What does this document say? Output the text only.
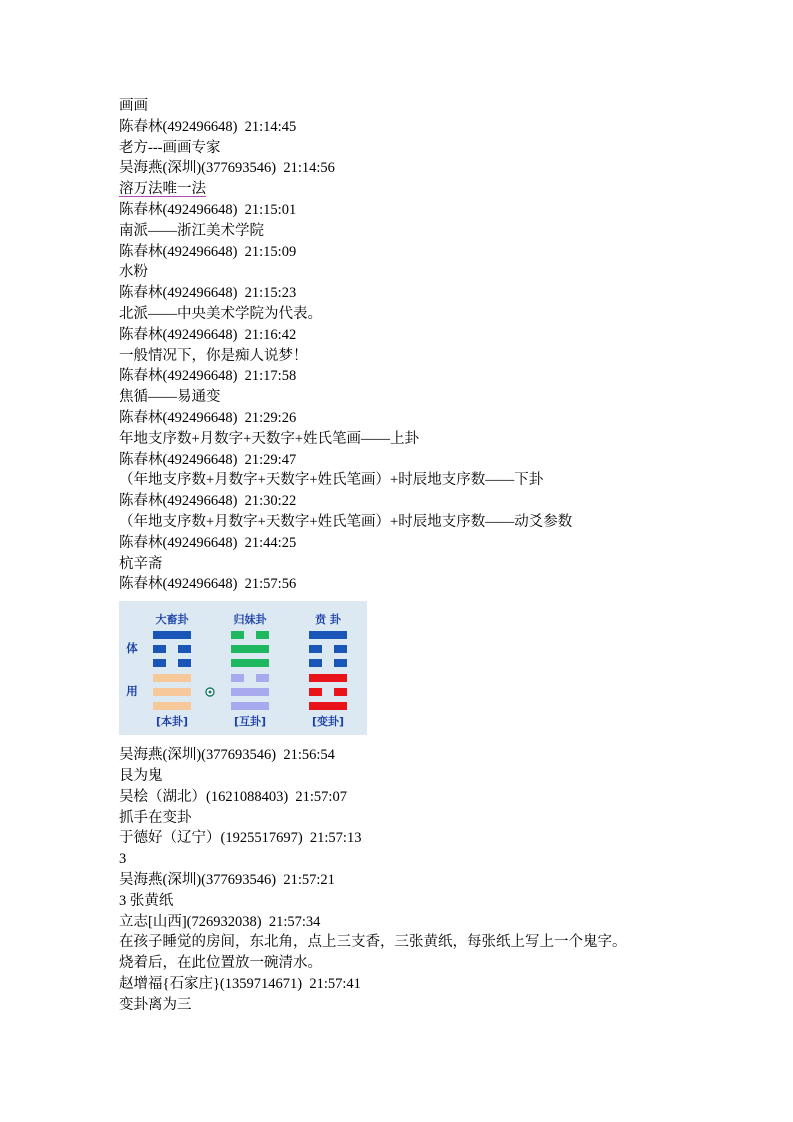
画画
陈春林(492496648)  21:14:45
老方---画画专家
吴海燕(深圳)(377693546)  21:14:56
溶万法唯一法
陈春林(492496648)  21:15:01
南派——浙江美术学院
陈春林(492496648)  21:15:09
水粉
陈春林(492496648)  21:15:23
北派——中央美术学院为代表。
陈春林(492496648)  21:16:42
一般情况下，你是痴人说梦！
陈春林(492496648)  21:17:58
焦循——易通变
陈春林(492496648)  21:29:26
年地支序数+月数字+天数字+姓氏笔画——上卦
陈春林(492496648)  21:29:47
（年地支序数+月数字+天数字+姓氏笔画）+时辰地支序数——下卦
陈春林(492496648)  21:30:22
（年地支序数+月数字+天数字+姓氏笔画）+时辰地支序数——动爻参数
陈春林(492496648)  21:44:25
杭辛斋
陈春林(492496648)  21:57:56
大畜卦	归妹卦	贲 卦
[本卦]	[互卦]	[变卦]
体
用
吴海燕(深圳)(377693546)  21:56:54
艮为鬼
吴桧（湖北）(1621088403)  21:57:07
抓手在变卦
于德好（辽宁）(1925517697)  21:57:13
3
吴海燕(深圳)(377693546)  21:57:21
3 张黄纸
立志[山西](726932038)  21:57:34
在孩子睡觉的房间，东北角，点上三支香，三张黄纸，每张纸上写上一个鬼字。
烧着后，在此位置放一碗清水。
赵增福{石家庄}(1359714671)  21:57:41
变卦离为三
